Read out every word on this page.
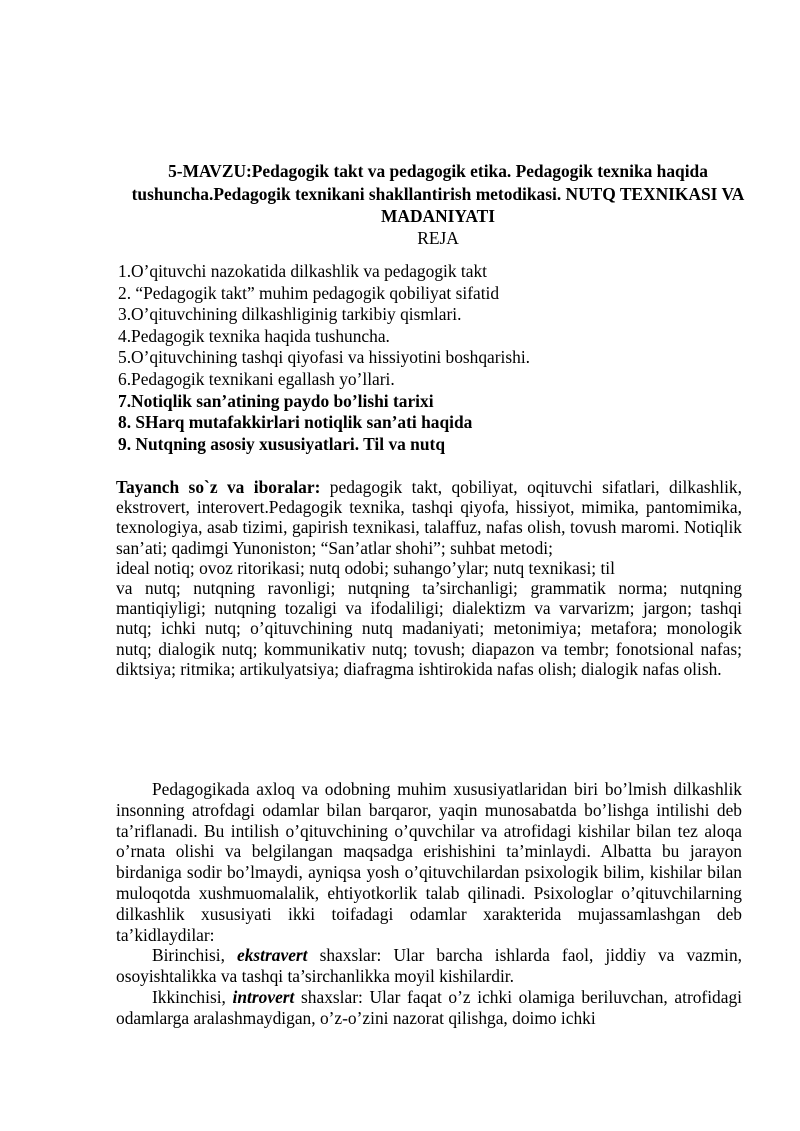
5-MAVZU:Pedagogik takt va pedagogik etika. Pedagogik texnika haqida tushuncha.Pedagogik texnikani shakllantirish metodikasi. NUTQ TEXNIKASI VA MADANIYATI
REJA
1.O’qituvchi nazokatida dilkashlik va pedagogik takt
2. “Pedagogik takt” muhim pedagogik qobiliyat sifatid
3.O’qituvchining dilkashliginig tarkibiy qismlari.
4.Pedagogik texnika haqida tushuncha.
5.O’qituvchining tashqi qiyofasi va hissiyotini boshqarishi.
6.Pedagogik texnikani egallash yo’llari.
7.Notiqlik san’atining paydo bo’lishi tarixi
8. SHarq mutafakkirlari notiqlik san’ati haqida
9. Nutqning asosiy xususiyatlari. Til va nutq

Tayanch so`z va iboralar: pedagogik takt, qobiliyat, oqituvchi sifatlari, dilkashlik, ekstrovert, interovert.Pedagogik texnika, tashqi qiyofa, hissiyot, mimika, pantomimika, texnologiya, asab tizimi, gapirish texnikasi, talaffuz, nafas olish, tovush maromi. Notiqlik san’ati; qadimgi Yunoniston; “San’atlar shohi”; suhbat metodi;

ideal notiq; ovoz ritorikasi; nutq odobi; suhango’ylar; nutq texnikasi; til

va nutq; nutqning ravonligi; nutqning ta’sirchanligi; grammatik norma; nutqning mantiqiyligi; nutqning tozaligi va ifodaliligi; dialektizm va varvarizm; jargon; tashqi nutq; ichki nutq; o’qituvchining nutq madaniyati; metonimiya; metafora; monologik nutq; dialogik nutq; kommunikativ nutq; tovush; diapazon va tembr; fonotsional nafas; diktsiya; ritmika; artikulyatsiya; diafragma ishtirokida nafas olish; dialogik nafas olish.

Pedagogikada axloq va odobning muhim xususiyatlaridan biri bo’lmish dilkashlik insonning atrofdagi odamlar bilan barqaror, yaqin munosabatda bo’lishga intilishi deb ta’riflanadi. Bu intilish o’qituvchining o’quvchilar va atrofidagi kishilar bilan tez aloqa o’rnata olishi va belgilangan maqsadga erishishini ta’minlaydi. Albatta bu jarayon birdaniga sodir bo’lmaydi, ayniqsa yosh o’qituvchilardan psixologik bilim, kishilar bilan muloqotda xushmuomalalik, ehtiyotkorlik talab qilinadi. Psixologlar o’qituvchilarning dilkashlik xususiyati ikki toifadagi odamlar xarakterida mujassamlashgan deb ta’kidlaydilar:

Birinchisi, ekstravert shaxslar: Ular barcha ishlarda faol, jiddiy va vazmin, osoyishtalikka va tashqi ta’sirchanlikka moyil kishilardir.

Ikkinchisi, introvert shaxslar: Ular faqat o’z ichki olamiga beriluvchan, atrofidagi odamlarga aralashmaydigan, o’z-o’zini nazorat qilishga, doimo ichki
